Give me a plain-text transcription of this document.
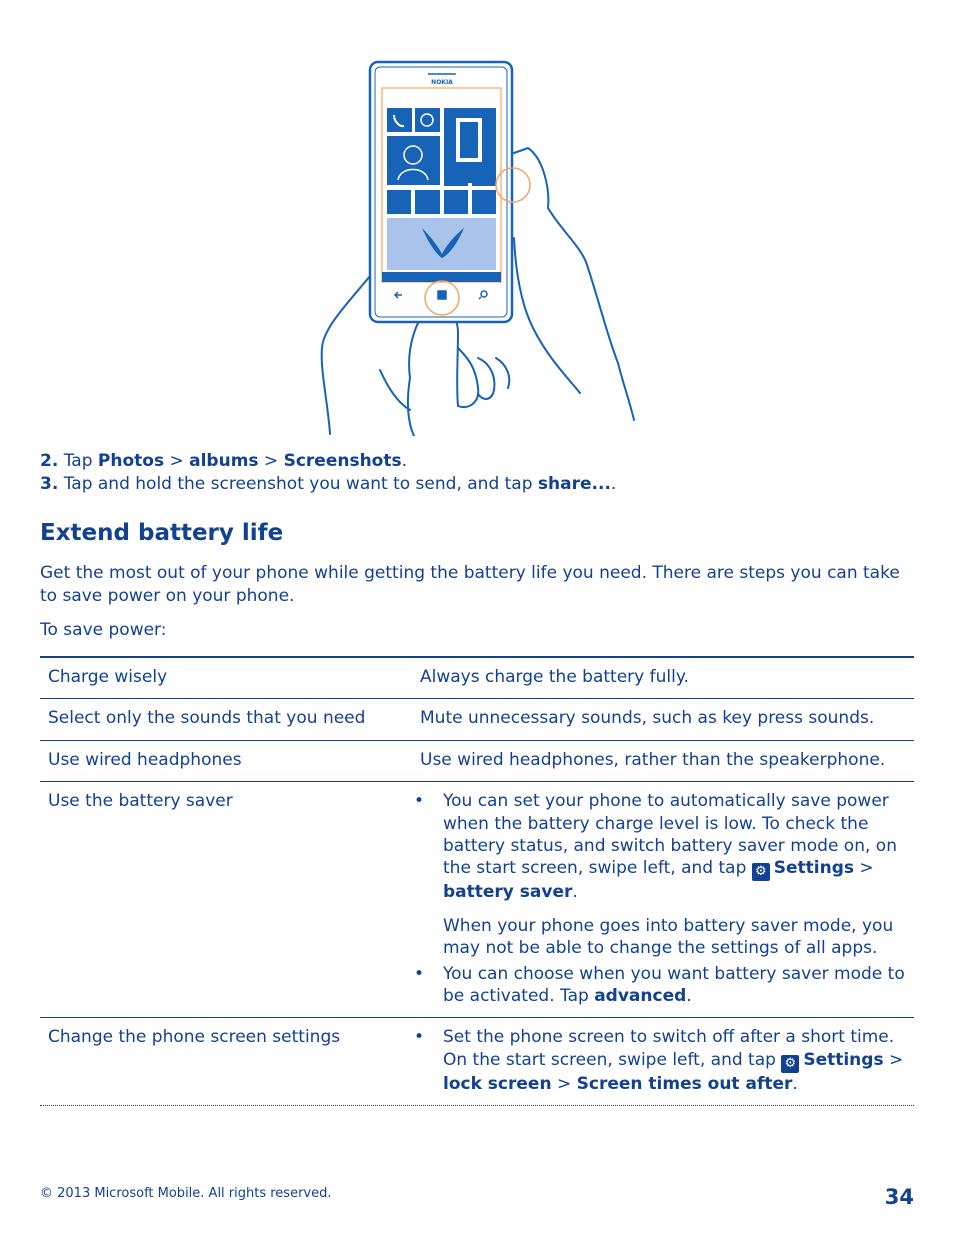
NOKIA
2. Tap Photos > albums > Screenshots.
3. Tap and hold the screenshot you want to send, and tap share....
Extend battery life
Get the most out of your phone while getting the battery life you need. There are steps you can take to save power on your phone.
To save power:
Charge wisely	Always charge the battery fully.
Select only the sounds that you need	Mute unnecessary sounds, such as key press sounds.
Use wired headphones	Use wired headphones, rather than the speakerphone.
Use the battery saver	• You can set your phone to automatically save power when the battery charge level is low. To check the battery status, and switch battery saver mode on, on the start screen, swipe left, and tap ⚙ Settings > battery saver.
When your phone goes into battery saver mode, you may not be able to change the settings of all apps.
• You can choose when you want battery saver mode to be activated. Tap advanced.
Change the phone screen settings	• Set the phone screen to switch off after a short time. On the start screen, swipe left, and tap ⚙ Settings > lock screen > Screen times out after.
© 2013 Microsoft Mobile. All rights reserved.	34
